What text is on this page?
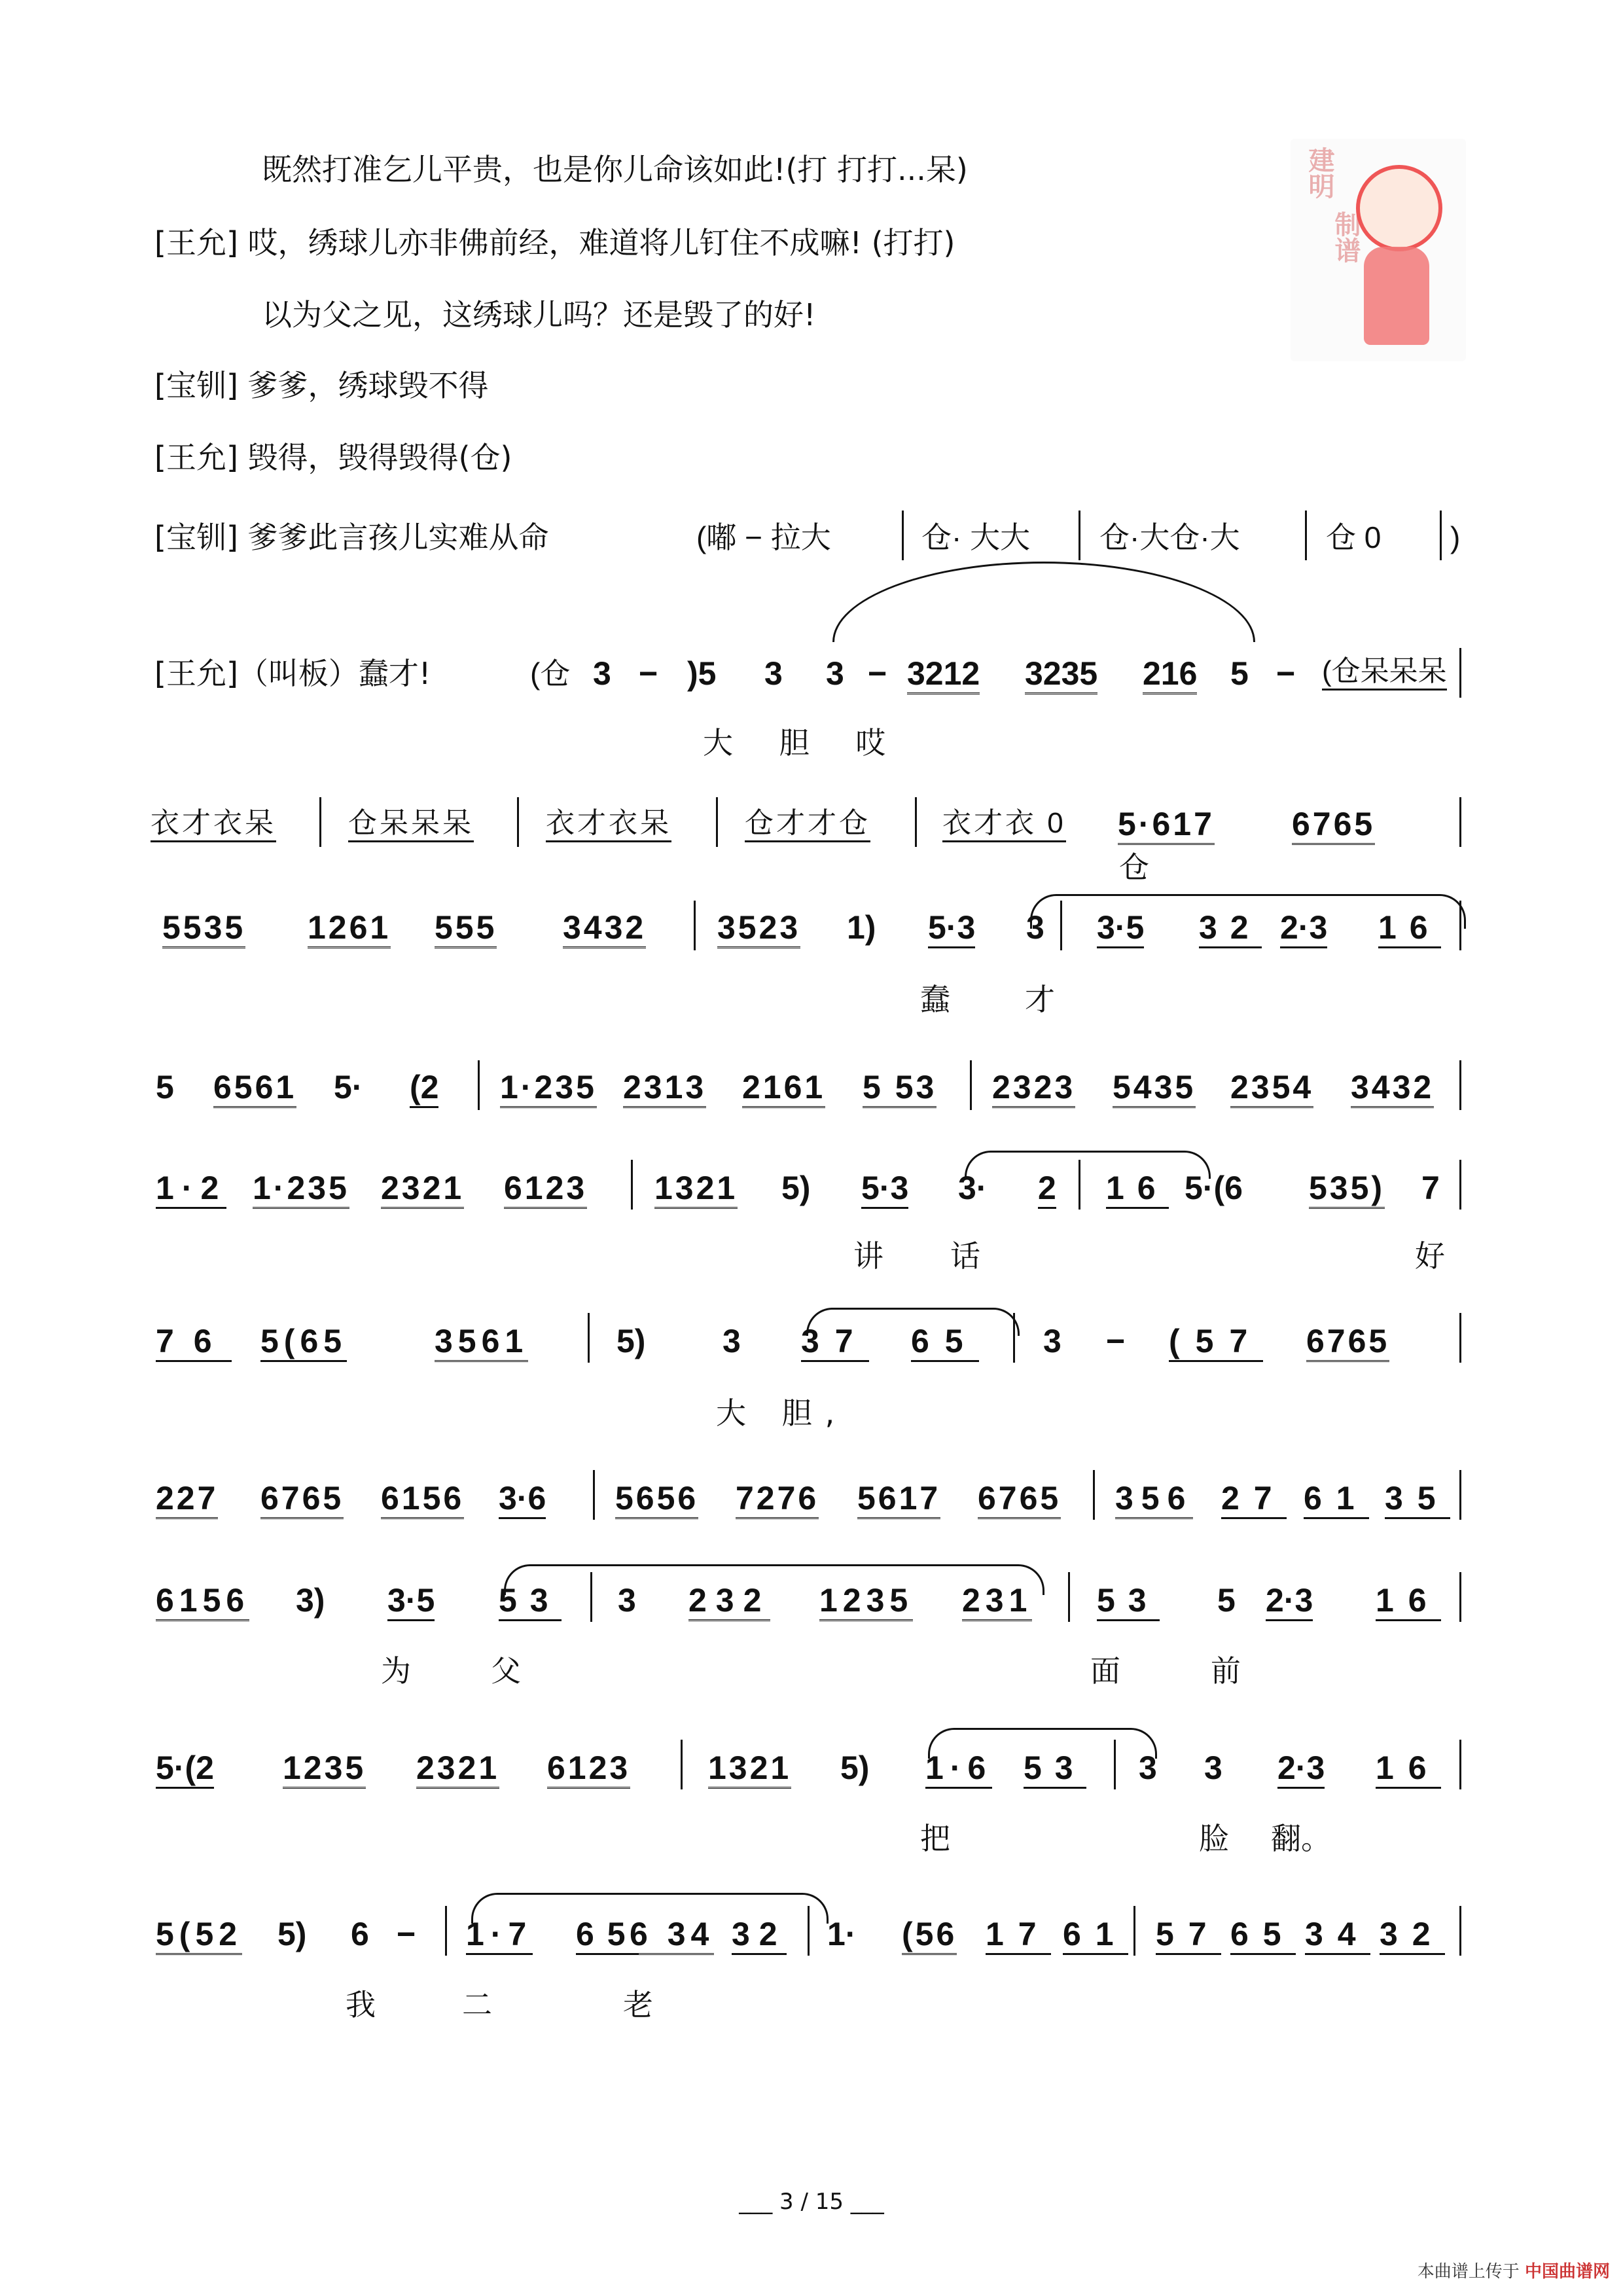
既然打准乞儿平贵，也是你儿命该如此!(打 打打...呆)
[王允] 哎，绣球儿亦非佛前经，难道将儿钉住不成嘛! (打打)
以为父之见，这绣球儿吗？还是毁了的好!
[宝钏] 爹爹，绣球毁不得
[王允] 毁得，毁得毁得(仓)
[宝钏] 爹爹此言孩儿实难从命
建明
制谱
(嘟 − 拉大	仓· 大大 仓·大仓·大	仓 0 )
[王允]（叫板）蠢才!	(仓 3 − )5 3 3 − 3212 3235 216 5 − (仓呆呆呆
大 胆 哎
衣才衣呆	仓呆呆呆	衣才衣呆	仓才才仓	衣才衣 0 5·617 6765
仓
5535 1261 555 3432 3523 1) 5·3 3 3·5 32 2·3 16
蠢 才
5 6561 5· (2 1·235 2313 2161 5 53 2323 5435 2354 3432
1·2 1·235 2321 6123 1321 5) 5·3 3· 2 16 5·(6 535) 7
讲 话	好
76 5(65	3561	5) 3 37 65 3 − (57 6765
大 胆,
227 6765 6156 3·6 5656 7276 5617 6765 356 27 61 35
6156 3) 3·5 53 3 232 1235 231 53 5 2·3 16
为	父	面	前
5·(2 1235 2321 6123 1321 5) 1·6 53 3 3 2·3 16
把	脸 翻。
5(52 5) 6 − 1·7 65
6 34 32 1· (56 17 61 57 65 34 32
我	二	老
___ 3 / 15 ___
本曲谱上传于 中国曲谱网
